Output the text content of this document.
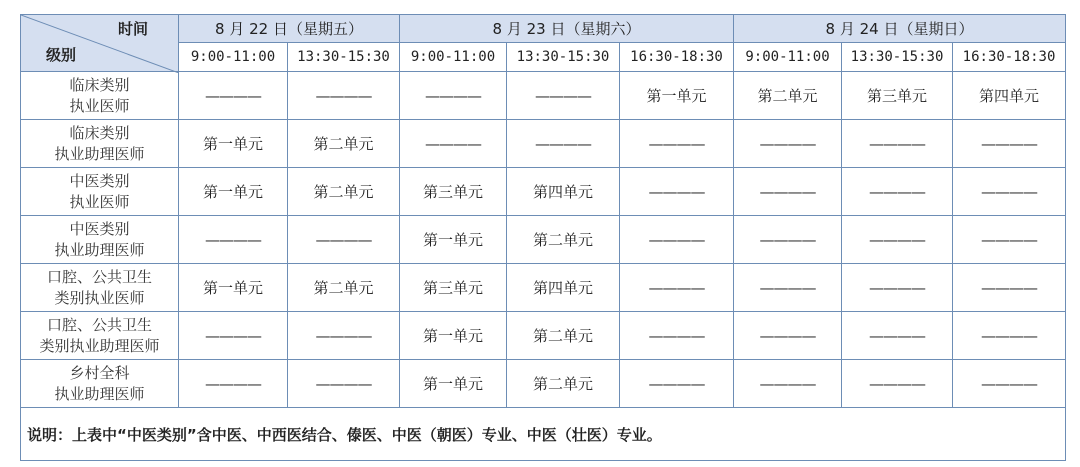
时间
级别	8 月 22 日（星期五）		8 月 23 日（星期六）			8 月 24 日（星期日）		
	9:00-11:00	13:30-15:30	9:00-11:00	13:30-15:30	16:30-18:30	9:00-11:00	13:30-15:30	16:30-18:30
临床类别
执业医师	————	————	————	————	第一单元	第二单元	第三单元	第四单元
临床类别
执业助理医师	第一单元	第二单元	————	————	————	————	————	————
中医类别
执业医师	第一单元	第二单元	第三单元	第四单元	————	————	————	————
中医类别
执业助理医师	————	————	第一单元	第二单元	————	————	————	————
口腔、公共卫生
类别执业医师	第一单元	第二单元	第三单元	第四单元	————	————	————	————
口腔、公共卫生
类别执业助理医师	————	————	第一单元	第二单元	————	————	————	————
乡村全科
执业助理医师	————	————	第一单元	第二单元	————	————	————	————
说明：上表中“中医类别”含中医、中西医结合、傣医、中医（朝医）专业、中医（壮医）专业。								
